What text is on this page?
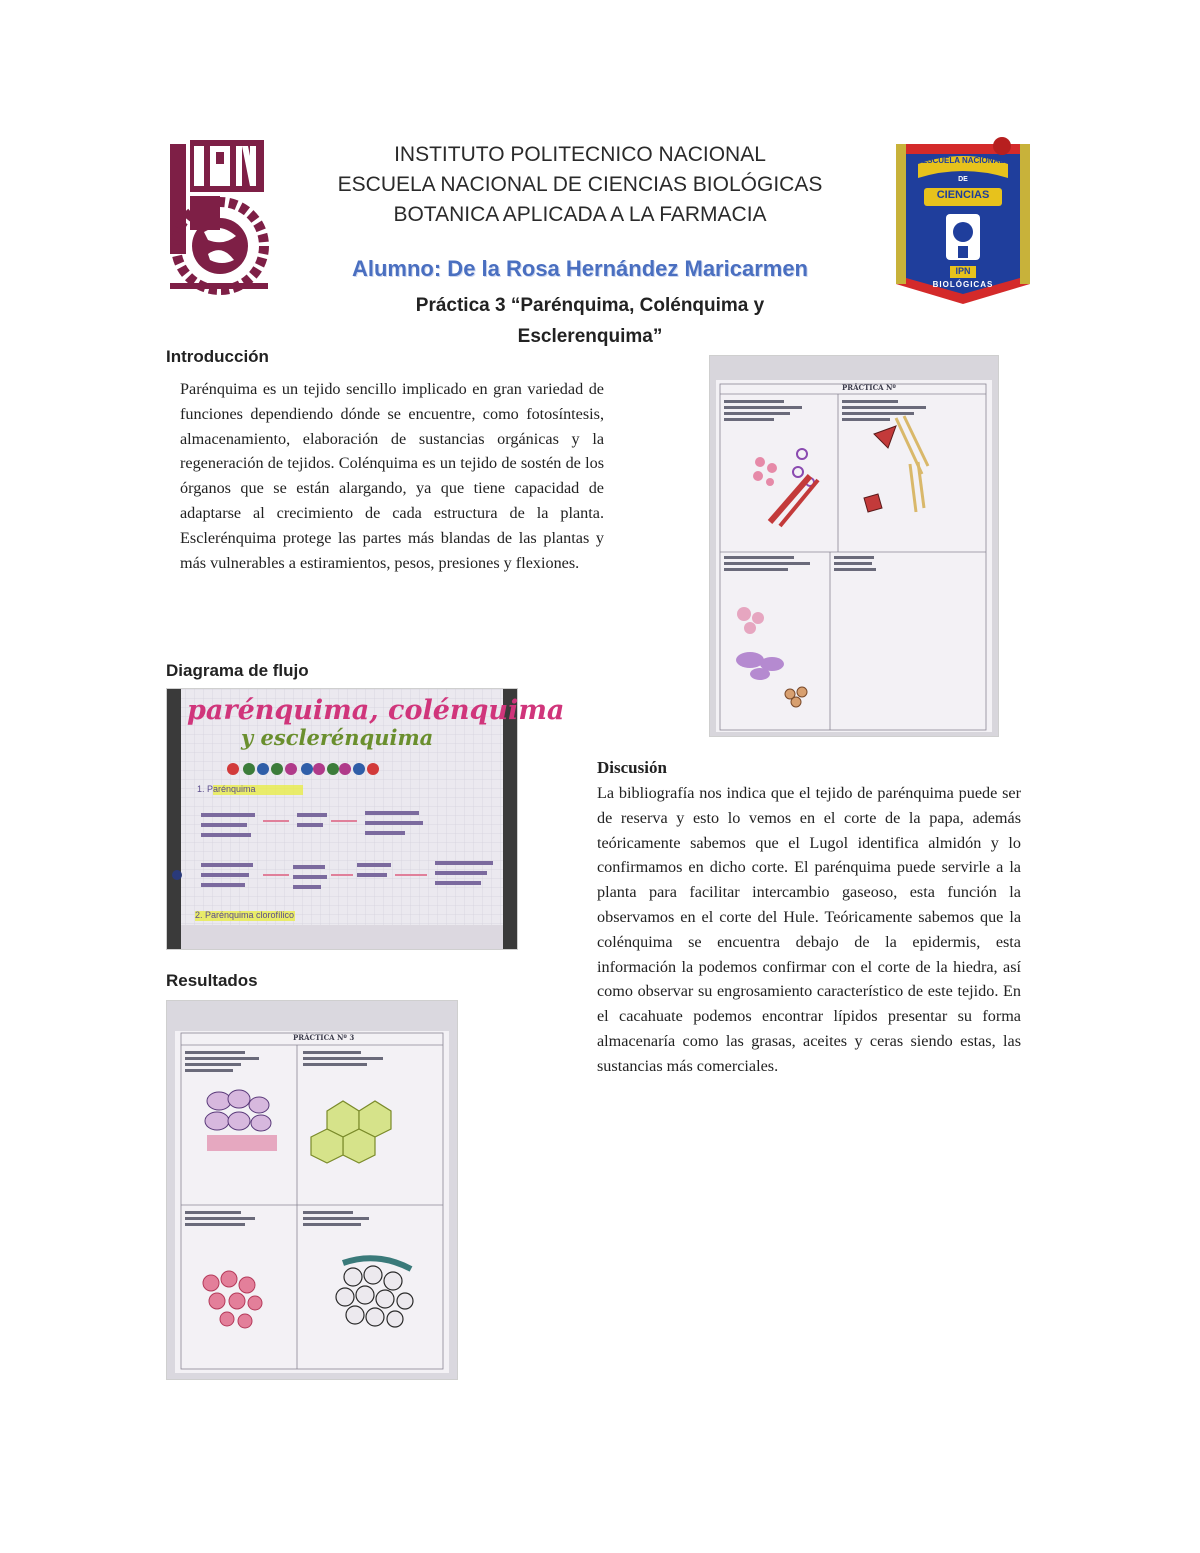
ESCUELA NACIONAL
DE
CIENCIAS
BIOLÓGICAS
IPN
INSTITUTO POLITECNICO NACIONAL
ESCUELA NACIONAL DE CIENCIAS BIOLÓGICAS
BOTANICA APLICADA A LA FARMACIA
Alumno: De la Rosa Hernández Maricarmen
Práctica 3 “Parénquima, Colénquima y Esclerenquima”
Introducción
Parénquima es un tejido sencillo implicado en gran variedad de funciones dependiendo dónde se encuentre, como fotosíntesis, almacenamiento, elaboración de sustancias orgánicas y la regeneración de tejidos. Colénquima es un tejido de sostén de los órganos que se están alargando, ya que tiene capacidad de adaptarse al crecimiento de cada estructura de la planta. Esclerénquima protege las partes más blandas de las plantas y más vulnerables a estiramientos, pesos, presiones y flexiones.
Diagrama de flujo
parénquima, colénquima
y esclerénquima
1. Parénquima
2. Parénquima clorofílico
Resultados
PRÁCTICA Nº 3
PRÁCTICA Nº
Discusión
La bibliografía nos indica que el tejido de parénquima puede ser de reserva y esto lo vemos en el corte de la papa, además teóricamente sabemos que el Lugol identifica almidón y lo confirmamos en dicho corte. El parénquima puede servirle a la planta para facilitar intercambio gaseoso, esta función la observamos en el corte del Hule. Teóricamente sabemos que la colénquima se encuentra debajo de la epidermis, esta información la podemos confirmar con el corte de la hiedra, así como observar su engrosamiento característico de este tejido. En el cacahuate podemos encontrar lípidos presentar su forma almacenaría como las grasas, aceites y ceras siendo estas, las sustancias más comerciales.
